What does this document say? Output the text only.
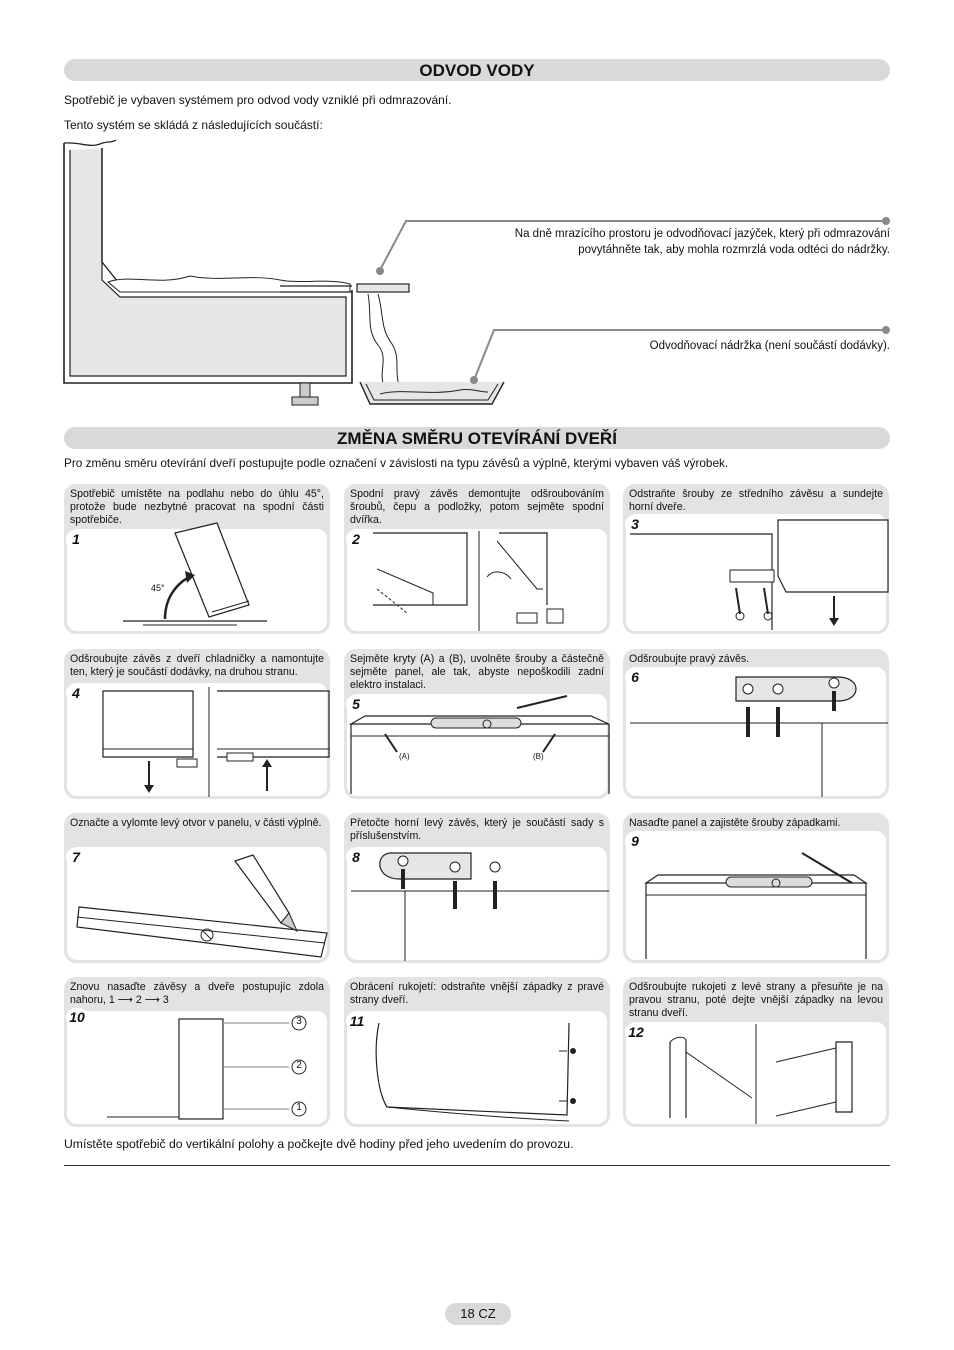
ODVOD VODY
Spotřebič je vybaven systémem pro odvod vody vzniklé při odmrazování.
Tento systém se skládá z následujících součástí:
Na dně mrazícího prostoru je odvodňovací jazýček, který při odmrazování
povytáhněte tak, aby mohla rozmrzlá voda odtéci do nádržky.
Odvodňovací nádržka (není součástí dodávky).
ZMĚNA SMĚRU OTEVÍRÁNÍ DVEŘÍ
Pro změnu směru otevírání dveří postupujte podle označení v závislosti na typu závěsů a výplně, kterými vybaven váš výrobek.
Spotřebič umístěte na podlahu nebo do úhlu 45°, protože bude nezbytné pracovat na spodní části spotřebiče.
45°
1
Spodní pravý závěs demontujte odšroubováním šroubů, čepu a podložky, potom sejměte spodní dvířka.
2
Odstraňte šrouby ze středního závěsu a sundejte horní dveře.
3
Odšroubujte závěs z dveří chladničky a namontujte ten, který je součástí dodávky, na druhou stranu.
4
Sejměte kryty (A) a (B), uvolněte šrouby a částečně sejměte panel, ale tak, abyste nepoškodili zadní elektro instalaci.
(A)	(B)
5
Odšroubujte pravý závěs.
6
Označte a vylomte levý otvor v panelu, v části výplně.
7
Přetočte horní levý závěs, který je součástí sady s příslušenstvím.
8
Nasaďte panel a zajistěte šrouby západkami.
9
Znovu nasaďte závěsy a dveře postupujíc zdola nahoru, 1 ⟶ 2 ⟶ 3
3
2
1
10
Obrácení rukojetí: odstraňte vnější západky z pravé strany dveří.
11
Odšroubujte rukojeti z levé strany a přesuňte je na pravou stranu, poté dejte vnější západky na levou stranu dveří.
12
Umístěte spotřebič do vertikální polohy a počkejte dvě hodiny před jeho uvedením do provozu.
18 CZ
